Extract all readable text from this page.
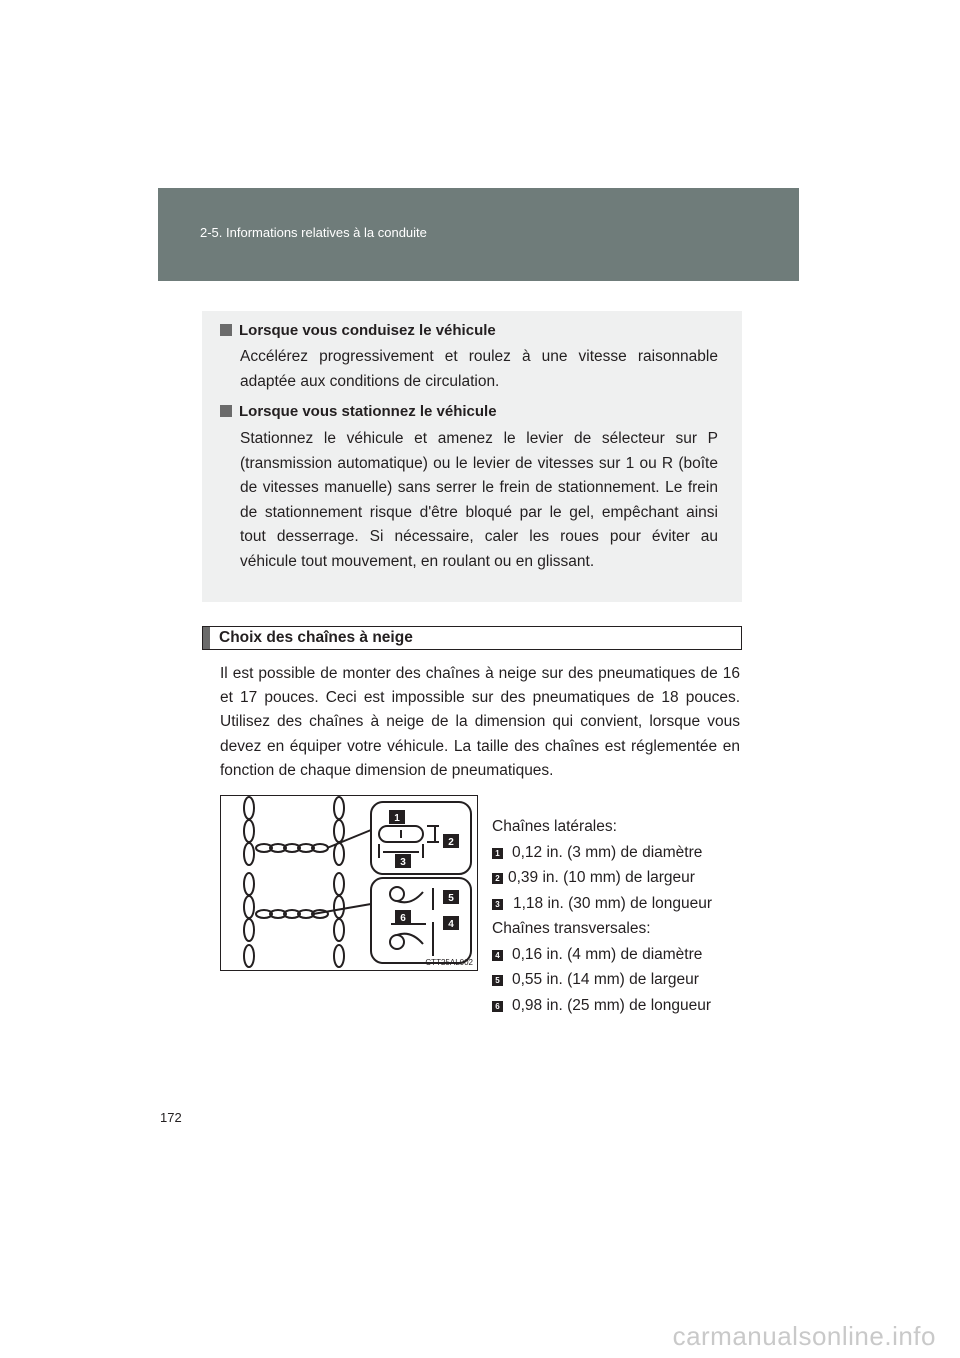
2-5. Informations relatives à la conduite
Lorsque vous conduisez le véhicule
Accélérez progressivement et roulez à une vitesse raisonnable adaptée aux conditions de circulation.
Lorsque vous stationnez le véhicule
Stationnez le véhicule et amenez le levier de sélecteur sur P (transmission automatique) ou le levier de vitesses sur 1 ou R (boîte de vitesses manuelle) sans serrer le frein de stationnement. Le frein de stationnement risque d'être bloqué par le gel, empêchant ainsi tout desserrage. Si nécessaire, caler les roues pour éviter au véhicule tout mouvement, en roulant ou en glissant.
Choix des chaînes à neige
Il est possible de monter des chaînes à neige sur des pneumatiques de 16 et 17 pouces. Ceci est impossible sur des pneumatiques de 18 pouces. Utilisez des chaînes à neige de la dimension qui convient, lorsque vous devez en équiper votre véhicule. La taille des chaînes est réglementée en fonction de chaque dimension de pneumatiques.
1
2
3
4
5
6
CTT25AL002
Chaînes latérales:
1 0,12 in. (3 mm) de diamètre
2 0,39 in. (10 mm) de largeur
3 1,18 in. (30 mm) de longueur
Chaînes transversales:
4 0,16 in. (4 mm) de diamètre
5 0,55 in. (14 mm) de largeur
6 0,98 in. (25 mm) de longueur
172
carmanualsonline.info
